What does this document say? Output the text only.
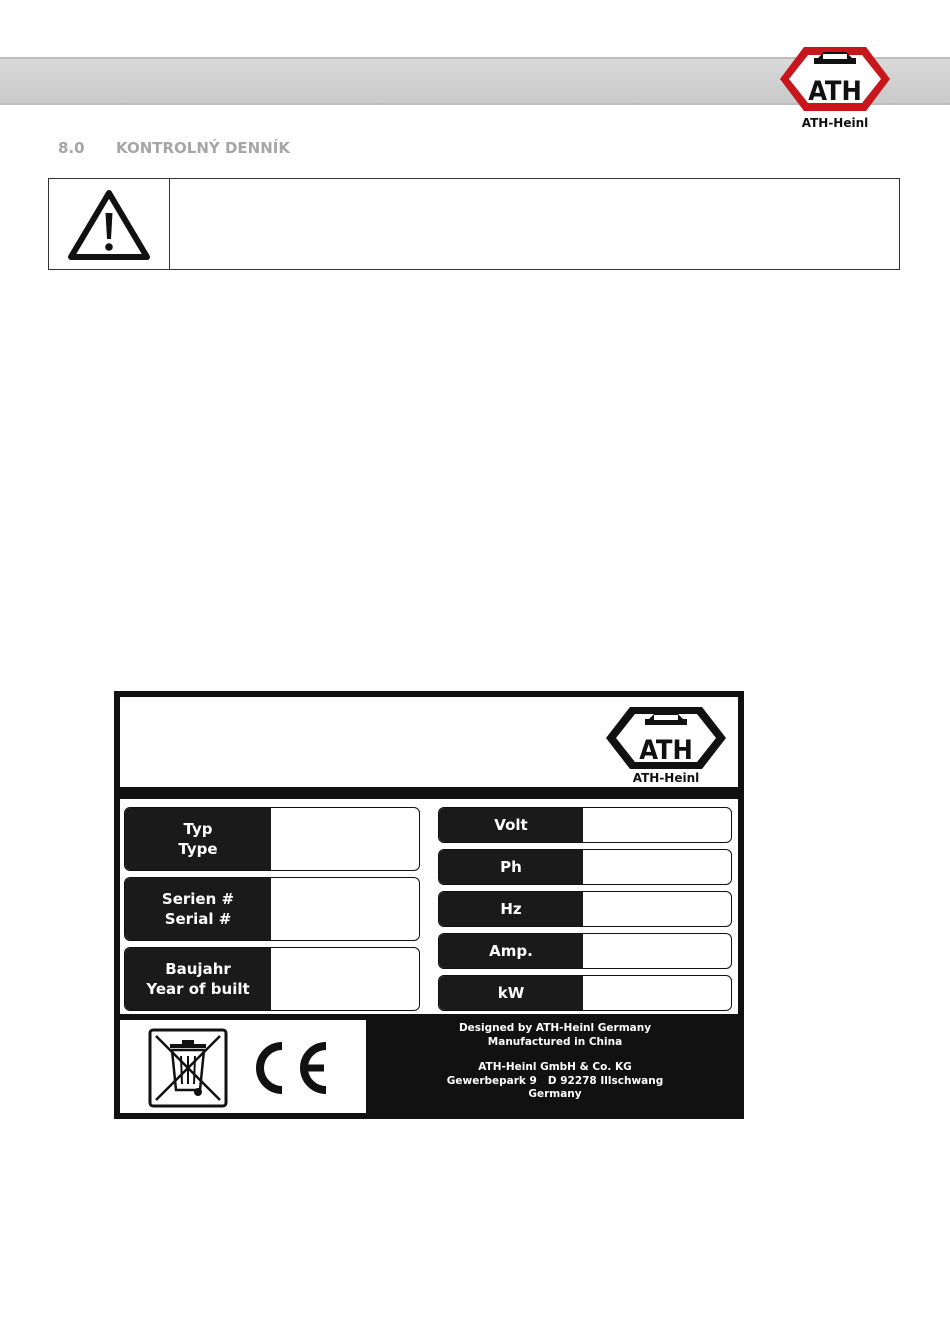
ATH
ATH-Heinl
8.0 KONTROLNÝ DENNÍK
ATH
ATH-Heinl
Typ
Type
Serien #
Serial #
Baujahr
Year of built
Volt
Ph
Hz
Amp.
kW
Designed by ATH-Heinl Germany
Manufactured in China
ATH-Heinl GmbH & Co. KG
Gewerbepark 9   D 92278 Illschwang
Germany
